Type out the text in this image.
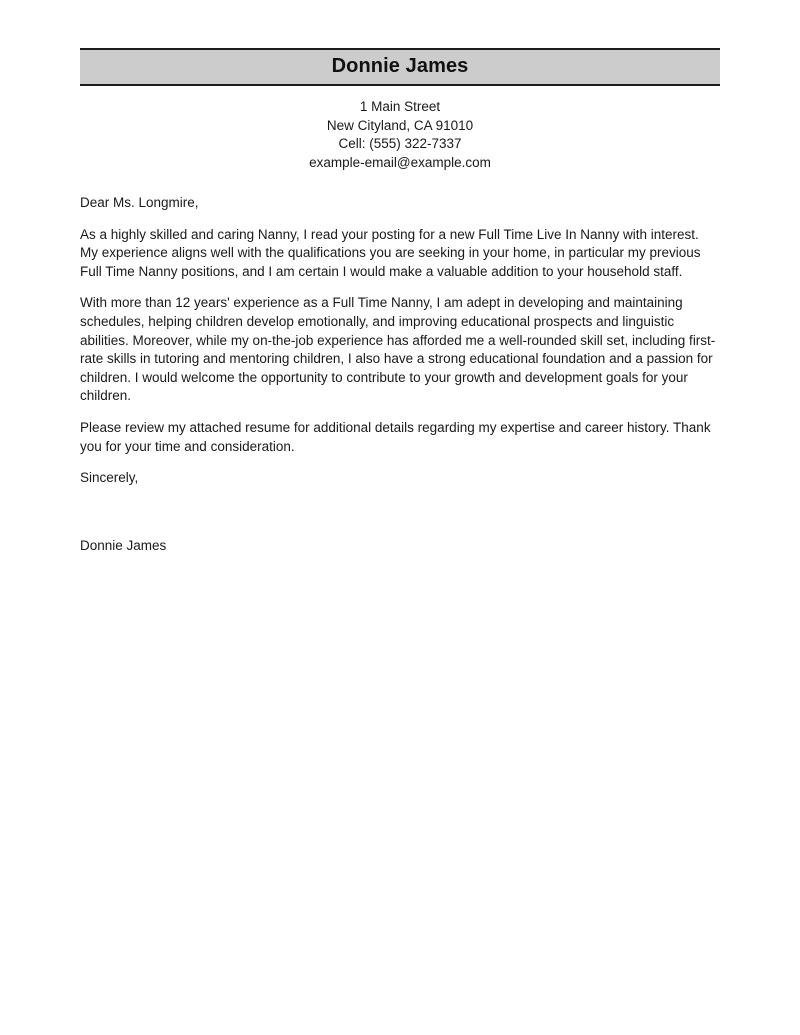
Donnie James
1 Main Street
New Cityland, CA 91010
Cell: (555) 322-7337
example-email@example.com

Dear Ms. Longmire,

As a highly skilled and caring Nanny, I read your posting for a new Full Time Live In Nanny with interest. My experience aligns well with the qualifications you are seeking in your home, in particular my previous Full Time Nanny positions, and I am certain I would make a valuable addition to your household staff.

With more than 12 years' experience as a Full Time Nanny, I am adept in developing and maintaining schedules, helping children develop emotionally, and improving educational prospects and linguistic abilities. Moreover, while my on-the-job experience has afforded me a well-rounded skill set, including first-rate skills in tutoring and mentoring children, I also have a strong educational foundation and a passion for children. I would welcome the opportunity to contribute to your growth and development goals for your children.

Please review my attached resume for additional details regarding my expertise and career history. Thank you for your time and consideration.

Sincerely,

Donnie James
